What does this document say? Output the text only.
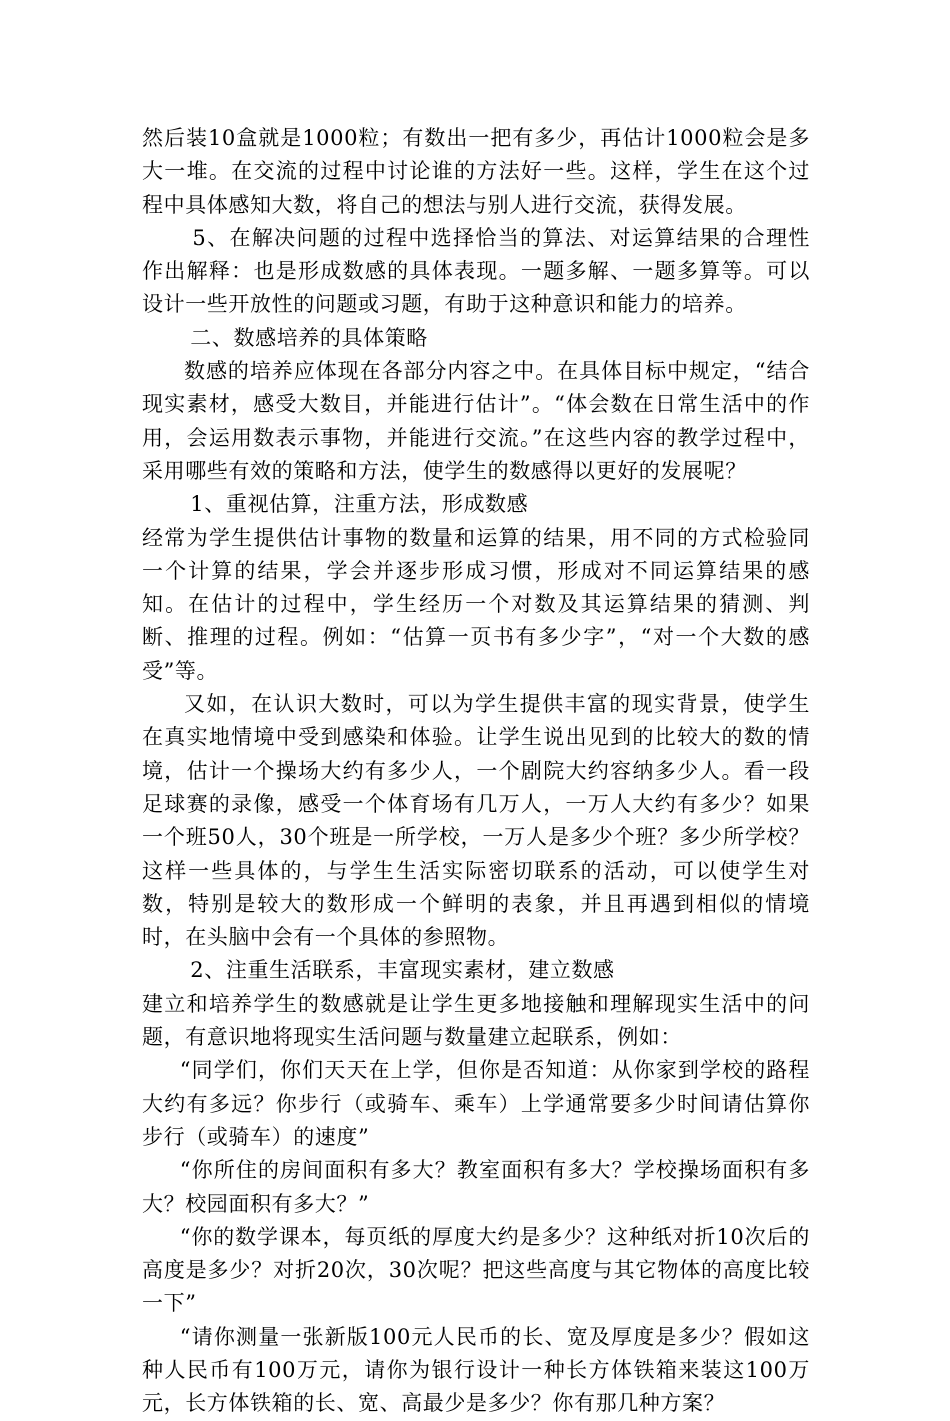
然后装10盒就是1000粒；有数出一把有多少，再估计1000粒会是多大一堆。在交流的过程中讨论谁的方法好一些。这样，学生在这个过程中具体感知大数，将自己的想法与别人进行交流，获得发展。

5、在解决问题的过程中选择恰当的算法、对运算结果的合理性作出解释：也是形成数感的具体表现。一题多解、一题多算等。可以设计一些开放性的问题或习题，有助于这种意识和能力的培养。

二、数感培养的具体策略

数感的培养应体现在各部分内容之中。在具体目标中规定，“结合现实素材，感受大数目，并能进行估计”。“体会数在日常生活中的作用，会运用数表示事物，并能进行交流。”在这些内容的教学过程中，采用哪些有效的策略和方法，使学生的数感得以更好的发展呢？

1、重视估算，注重方法，形成数感

经常为学生提供估计事物的数量和运算的结果，用不同的方式检验同一个计算的结果，学会并逐步形成习惯，形成对不同运算结果的感知。在估计的过程中，学生经历一个对数及其运算结果的猜测、判断、推理的过程。例如：“估算一页书有多少字”，“对一个大数的感受”等。

又如，在认识大数时，可以为学生提供丰富的现实背景，使学生在真实地情境中受到感染和体验。让学生说出见到的比较大的数的情境，估计一个操场大约有多少人，一个剧院大约容纳多少人。看一段足球赛的录像，感受一个体育场有几万人，一万人大约有多少？如果一个班50人，30个班是一所学校，一万人是多少个班？多少所学校？这样一些具体的，与学生生活实际密切联系的活动，可以使学生对数，特别是较大的数形成一个鲜明的表象，并且再遇到相似的情境时，在头脑中会有一个具体的参照物。

2、注重生活联系，丰富现实素材，建立数感

建立和培养学生的数感就是让学生更多地接触和理解现实生活中的问题，有意识地将现实生活问题与数量建立起联系，例如：

“同学们，你们天天在上学，但你是否知道：从你家到学校的路程大约有多远？你步行（或骑车、乘车）上学通常要多少时间请估算你步行（或骑车）的速度”

“你所住的房间面积有多大？教室面积有多大？学校操场面积有多大？校园面积有多大？”

“你的数学课本，每页纸的厚度大约是多少？这种纸对折10次后的高度是多少？对折20次，30次呢？把这些高度与其它物体的高度比较一下”

“请你测量一张新版100元人民币的长、宽及厚度是多少？假如这种人民币有100万元，请你为银行设计一种长方体铁箱来装这100万元，长方体铁箱的长、宽、高最少是多少？你有那几种方案？
